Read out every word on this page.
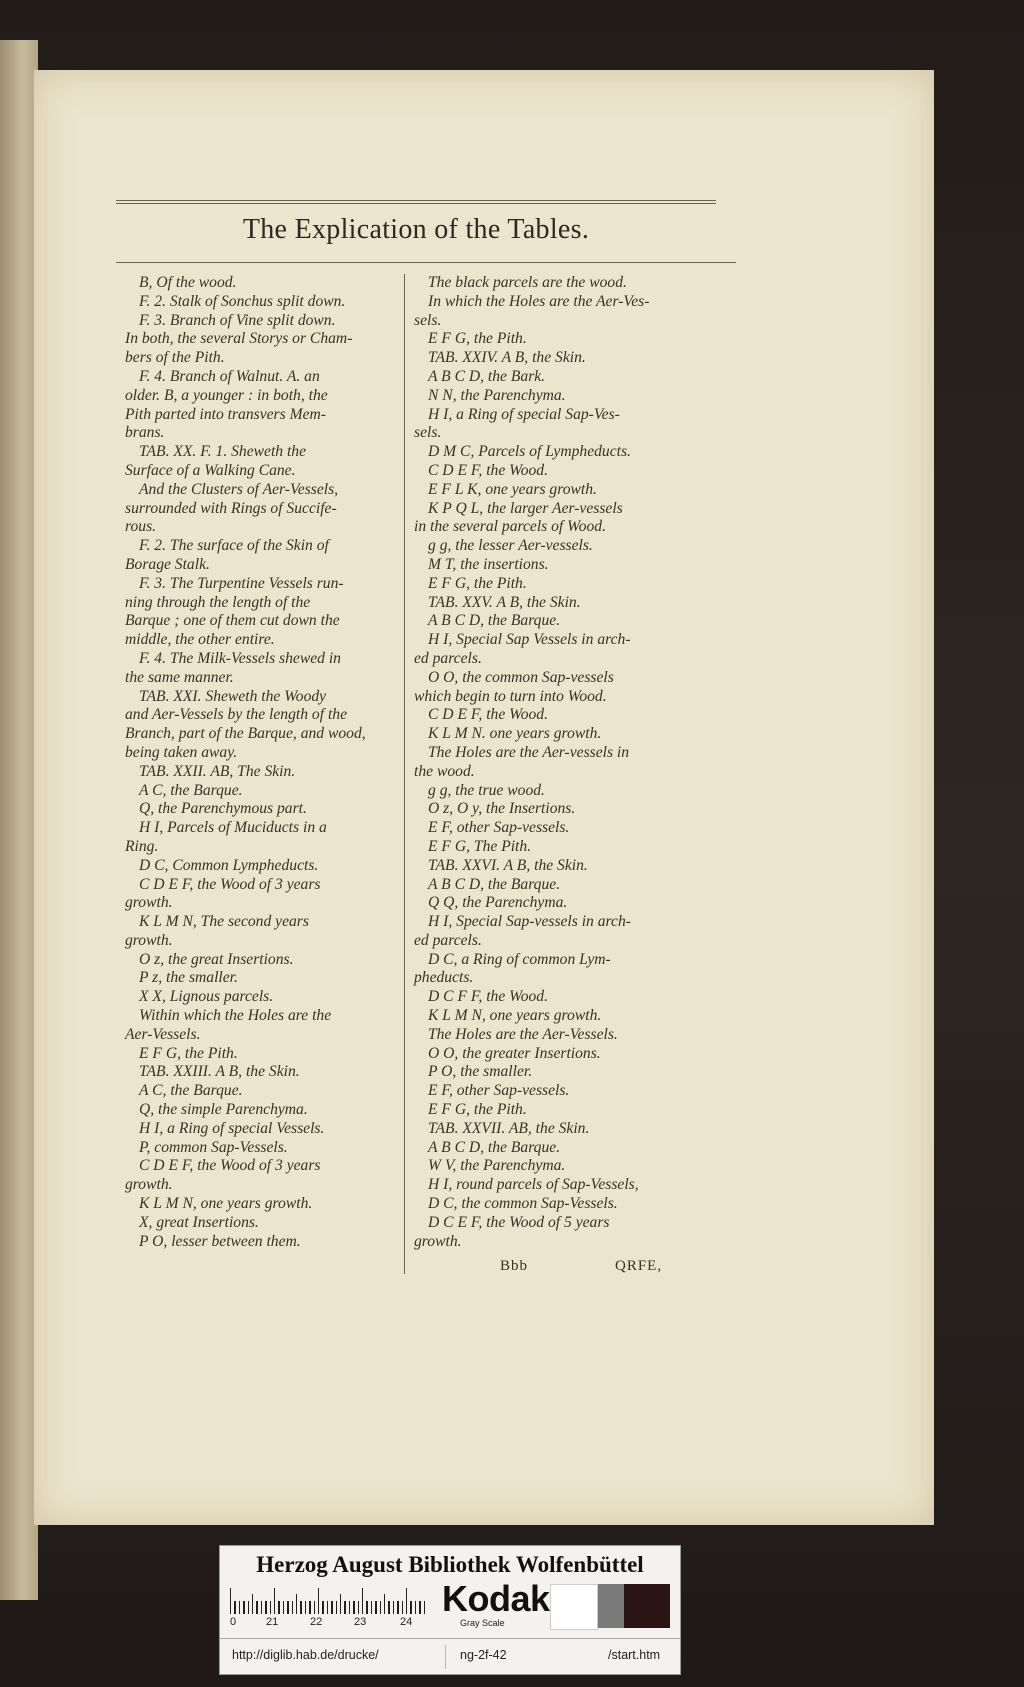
The Explication of the Tables.
B, Of the wood.
F. 2. Stalk of Sonchus split down.
F. 3. Branch of Vine split down.
In both, the several Storys or Cham-
bers of the Pith.
F. 4. Branch of Walnut. A. an
older. B, a younger : in both, the
Pith parted into transvers Mem-
brans.
TAB. XX. F. 1. Sheweth the
Surface of a Walking Cane.
And the Clusters of Aer-Vessels,
surrounded with Rings of Succife-
rous.
F. 2. The surface of the Skin of
Borage Stalk.
F. 3. The Turpentine Vessels run-
ning through the length of the
Barque ; one of them cut down the
middle, the other entire.
F. 4. The Milk-Vessels shewed in
the same manner.
TAB. XXI. Sheweth the Woody
and Aer-Vessels by the length of the
Branch, part of the Barque, and wood,
being taken away.
TAB. XXII. AB, The Skin.
A C, the Barque.
Q, the Parenchymous part.
H I, Parcels of Muciducts in a
Ring.
D C, Common Lympheducts.
C D E F, the Wood of 3 years
growth.
K L M N, The second years
growth.
O z, the great Insertions.
P z, the smaller.
X X, Lignous parcels.
Within which the Holes are the
Aer-Vessels.
E F G, the Pith.
TAB. XXIII. A B, the Skin.
A C, the Barque.
Q, the simple Parenchyma.
H I, a Ring of special Vessels.
P, common Sap-Vessels.
C D E F, the Wood of 3 years
growth.
K L M N, one years growth.
X, great Insertions.
P O, lesser between them.
The black parcels are the wood.
In which the Holes are the Aer-Ves-
sels.
E F G, the Pith.
TAB. XXIV. A B, the Skin.
A B C D, the Bark.
N N, the Parenchyma.
H I, a Ring of special Sap-Ves-
sels.
D M C, Parcels of Lympheducts.
C D E F, the Wood.
E F L K, one years growth.
K P Q L, the larger Aer-vessels
in the several parcels of Wood.
g g, the lesser Aer-vessels.
M T, the insertions.
E F G, the Pith.
TAB. XXV. A B, the Skin.
A B C D, the Barque.
H I, Special Sap Vessels in arch-
ed parcels.
O O, the common Sap-vessels
which begin to turn into Wood.
C D E F, the Wood.
K L M N. one years growth.
The Holes are the Aer-vessels in
the wood.
g g, the true wood.
O z, O y, the Insertions.
E F, other Sap-vessels.
E F G, The Pith.
TAB. XXVI. A B, the Skin.
A B C D, the Barque.
Q Q, the Parenchyma.
H I, Special Sap-vessels in arch-
ed parcels.
D C, a Ring of common Lym-
pheducts.
D C F F, the Wood.
K L M N, one years growth.
The Holes are the Aer-Vessels.
O O, the greater Insertions.
P O, the smaller.
E F, other Sap-vessels.
E F G, the Pith.
TAB. XXVII. AB, the Skin.
A B C D, the Barque.
W V, the Parenchyma.
H I, round parcels of Sap-Vessels,
D C, the common Sap-Vessels.
D C E F, the Wood of 5 years
growth.
Bbb	QRFE,
Herzog August Bibliothek Wolfenbüttel
0	21	22	23	24
Kodak
Gray Scale
http://diglib.hab.de/drucke/	ng-2f-42	/start.htm
